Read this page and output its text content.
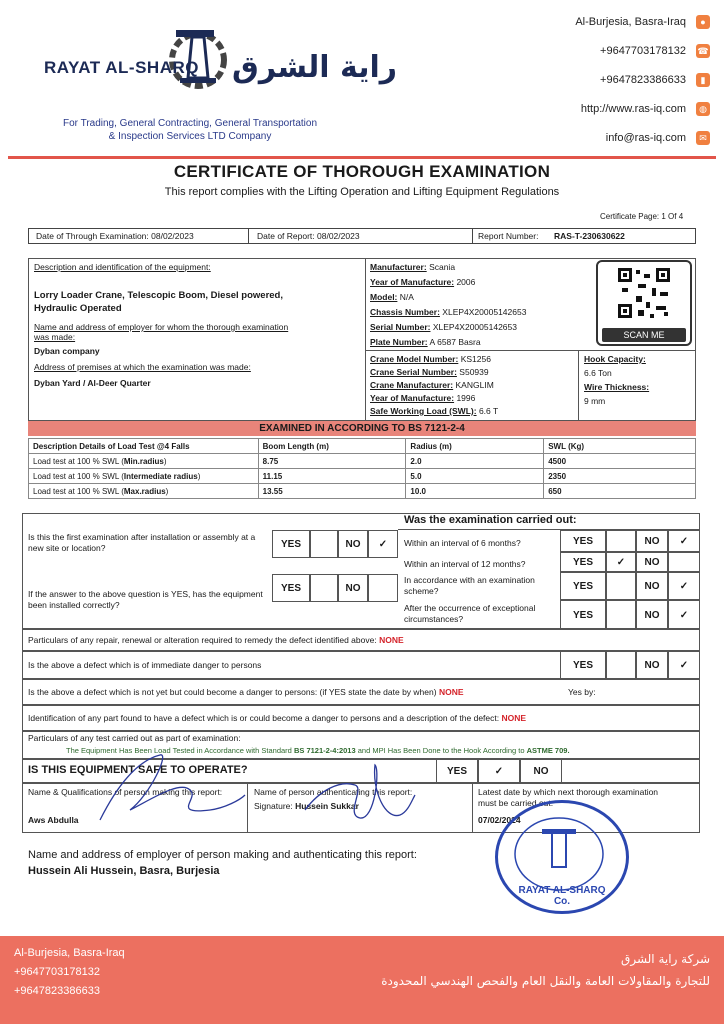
RAYAT AL-SHARQ راية الشرق
For Trading, General Contracting, General Transportation
& Inspection Services LTD Company
Al-Burjesia, Basra-Iraq	●
+9647703178132 ☎
+9647823386633	▮
http://www.ras-iq.com	◍
info@ras-iq.com	✉
CERTIFICATE OF THOROUGH EXAMINATION
This report complies with the Lifting Operation and Lifting Equipment Regulations
Certificate Page: 1 Of 4
Date of Through Examination: 08/02/2023	Date of Report: 08/02/2023	Report Number: RAS-T-230630622
Description and identification of the equipment:
Lorry Loader Crane, Telescopic Boom, Diesel powered,
Hydraulic Operated
Name and address of employer for whom the thorough examination
was made:
Dyban company
Address of premises at which the examination was made:
Dyban Yard / Al-Deer Quarter
Manufacturer: Scania
Year of Manufacture: 2006
Model: N/A
Chassis Number: XLEP4X20005142653
Serial Number: XLEP4X20005142653
Plate Number: A 6587 Basra
Crane Model Number: KS1256
Crane Serial Number: S50939
Crane Manufacturer: KANGLIM
Year of Manufacture: 1996
Safe Working Load (SWL): 6.6 T
Hook Capacity:
6.6 Ton
Wire Thickness:
9 mm
SCAN ME
EXAMINED IN ACCORDING TO BS 7121-2-4
Description Details of Load Test @4 Falls	Boom Length (m)	Radius (m)	SWL (Kg)
Load test at 100 % SWL (Min.radius)	8.75	2.0	4500
Load test at 100 % SWL (Intermediate radius)	11.15	5.0	2350
Load test at 100 % SWL (Max.radius)	13.55	10.0	650
Was the examination carried out:
Is this the first examination after installation or assembly at a new site or location?
If the answer to the above question is YES, has the equipment been installed correctly?
YES	NO	✓
YES	NO
Within an interval of 6 months?
Within an interval of 12 months?
In accordance with an examination scheme?
After the occurrence of exceptional circumstances?
YES	NO	✓
YES	✓	NO
YES	NO	✓
YES	NO	✓
Particulars of any repair, renewal or alteration required to remedy the defect identified above: NONE
Is the above a defect which is of immediate danger to persons	YES	NO	✓
Is the above a defect which is not yet but could become a danger to persons: (if YES state the date by when) NONE	Yes by:
Identification of any part found to have a defect which is or could become a danger to persons and a description of the defect: NONE
Particulars of any test carried out as part of examination:
The Equipment Has Been Load Tested in Accordance with Standard BS 7121-2-4:2013 and MPI Has Been Done to the Hook According to ASTME 709.
IS THIS EQUIPMENT SAFE TO OPERATE?	YES	✓	NO
Name & Qualifications of person making this report:
Aws Abdulla
Name of person authenticating this report:
Signature: Hussein Sukkar
Latest date by which next thorough examination must be carried out:
07/02/2024
Name and address of employer of person making and authenticating this report:
Hussein Ali Hussein, Basra, Burjesia
RAYAT AL-SHARQ Co.
Al-Burjesia, Basra-Iraq
+9647703178132
+9647823386633
شركة راية الشرق
للتجارة والمقاولات العامة والنقل العام والفحص الهندسي المحدودة
